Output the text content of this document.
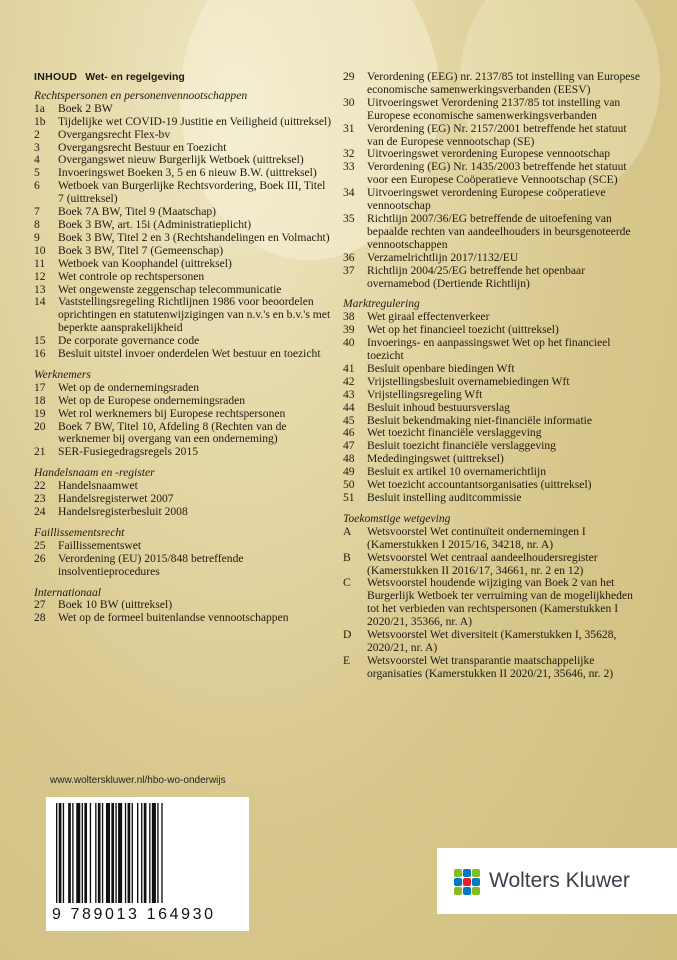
INHOUD Wet- en regelgeving
Rechtspersonen en personenvennootschappen
1a	Boek 2 BW
1b	Tijdelijke wet COVID-19 Justitie en Veiligheid (uittreksel)
2	Overgangsrecht Flex-bv
3	Overgangsrecht Bestuur en Toezicht
4	Overgangswet nieuw Burgerlijk Wetboek (uittreksel)
5	Invoeringswet Boeken 3, 5 en 6 nieuw B.W. (uittreksel)
6	Wetboek van Burgerlijke Rechtsvordering, Boek III, Titel 7 (uittreksel)
7	Boek 7A BW, Titel 9 (Maatschap)
8	Boek 3 BW, art. 15i (Administratieplicht)
9	Boek 3 BW, Titel 2 en 3 (Rechtshandelingen en Volmacht)
10	Boek 3 BW, Titel 7 (Gemeenschap)
11	Wetboek van Koophandel (uittreksel)
12	Wet controle op rechtspersonen
13	Wet ongewenste zeggenschap telecommunicatie
14	Vaststellingsregeling Richtlijnen 1986 voor beoordelen oprichtingen en statutenwijzigingen van n.v.'s en b.v.'s met beperkte aansprakelijkheid
15	De corporate governance code
16	Besluit uitstel invoer onderdelen Wet bestuur en toezicht
Werknemers
17	Wet op de ondernemingsraden
18	Wet op de Europese ondernemingsraden
19	Wet rol werknemers bij Europese rechtspersonen
20	Boek 7 BW, Titel 10, Afdeling 8 (Rechten van de werknemer bij overgang van een onderneming)
21	SER-Fusiegedragsregels 2015
Handelsnaam en -register
22	Handelsnaamwet
23	Handelsregisterwet 2007
24	Handelsregisterbesluit 2008
Faillissementsrecht
25	Faillissementswet
26	Verordening (EU) 2015/848 betreffende insolventieprocedures
Internationaal
27	Boek 10 BW (uittreksel)
28	Wet op de formeel buitenlandse vennootschappen
29	Verordening (EEG) nr. 2137/85 tot instelling van Europese economische samenwerkingsverbanden (EESV)
30	Uitvoeringswet Verordening 2137/85 tot instelling van Europese economische samenwerkingsverbanden
31	Verordening (EG) Nr. 2157/2001 betreffende het statuut van de Europese vennootschap (SE)
32	Uitvoeringswet verordening Europese vennootschap
33	Verordening (EG) Nr. 1435/2003 betreffende het statuut voor een Europese Coöperatieve Vennootschap (SCE)
34	Uitvoeringswet verordening Europese coöperatieve vennootschap
35	Richtlijn 2007/36/EG betreffende de uitoefening van bepaalde rechten van aandeelhouders in beursgenoteerde vennootschappen
36	Verzamelrichtlijn 2017/1132/EU
37	Richtlijn 2004/25/EG betreffende het openbaar overnamebod (Dertiende Richtlijn)
Marktregulering
38	Wet giraal effectenverkeer
39	Wet op het financieel toezicht (uittreksel)
40	Invoerings- en aanpassingswet Wet op het financieel toezicht
41	Besluit openbare biedingen Wft
42	Vrijstellingsbesluit overnamebiedingen Wft
43	Vrijstellingsregeling Wft
44	Besluit inhoud bestuursverslag
45	Besluit bekendmaking niet-financiële informatie
46	Wet toezicht financiële verslaggeving
47	Besluit toezicht financiële verslaggeving
48	Mededingingswet (uittreksel)
49	Besluit ex artikel 10 overnamerichtlijn
50	Wet toezicht accountantsorganisaties (uittreksel)
51	Besluit instelling auditcommissie
Toekomstige wetgeving
A	Wetsvoorstel Wet continuïteit ondernemingen I (Kamerstukken I 2015/16, 34218, nr. A)
B	Wetsvoorstel Wet centraal aandeelhoudersregister (Kamerstukken II 2016/17, 34661, nr. 2 en 12)
C	Wetsvoorstel houdende wijziging van Boek 2 van het Burgerlijk Wetboek ter verruiming van de mogelijkheden tot het verbieden van rechtspersonen (Kamerstukken I 2020/21, 35366, nr. A)
D	Wetsvoorstel Wet diversiteit (Kamerstukken I, 35628, 2020/21, nr. A)
E	Wetsvoorstel Wet transparantie maatschappelijke organisaties (Kamerstukken II 2020/21, 35646, nr. 2)
www.wolterskluwer.nl/hbo-wo-onderwijs
9 789013 164930
Wolters Kluwer
